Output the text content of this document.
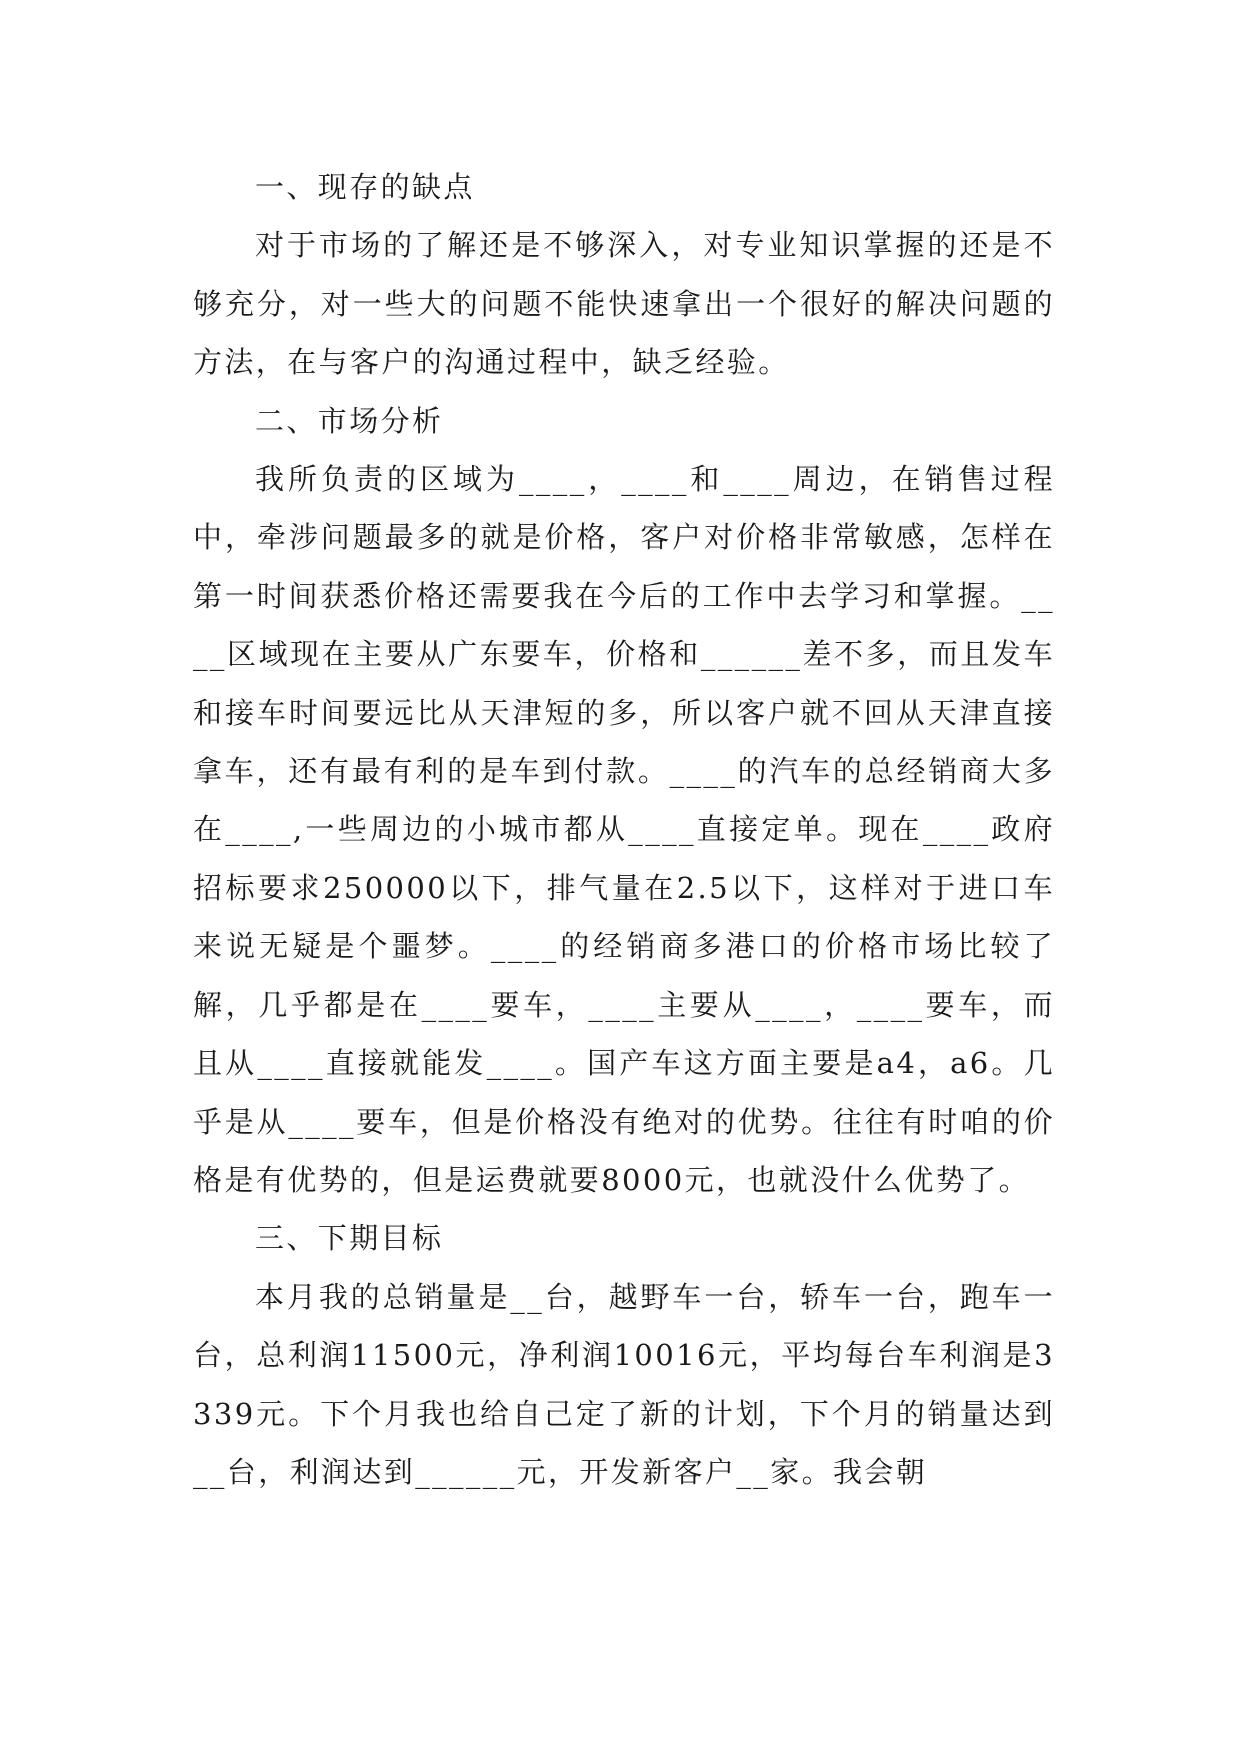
一、现存的缺点

对于市场的了解还是不够深入，对专业知识掌握的还是不够充分，对一些大的问题不能快速拿出一个很好的解决问题的方法，在与客户的沟通过程中，缺乏经验。

二、市场分析

我所负责的区域为____，____和____周边，在销售过程中，牵涉问题最多的就是价格，客户对价格非常敏感，怎样在第一时间获悉价格还需要我在今后的工作中去学习和掌握。____区域现在主要从广东要车，价格和______差不多，而且发车和接车时间要远比从天津短的多，所以客户就不回从天津直接拿车，还有最有利的是车到付款。____的汽车的总经销商大多在____,一些周边的小城市都从____直接定单。现在____政府招标要求250000以下，排气量在2.5以下，这样对于进口车来说无疑是个噩梦。____的经销商多港口的价格市场比较了解，几乎都是在____要车，____主要从____，____要车，而且从____直接就能发____。国产车这方面主要是a4，a6。几乎是从____要车，但是价格没有绝对的优势。往往有时咱的价格是有优势的，但是运费就要8000元，也就没什么优势了。

三、下期目标

本月我的总销量是__台，越野车一台，轿车一台，跑车一台，总利润11500元，净利润10016元，平均每台车利润是3339元。下个月我也给自己定了新的计划，下个月的销量达到__台，利润达到______元，开发新客户__家。我会朝
